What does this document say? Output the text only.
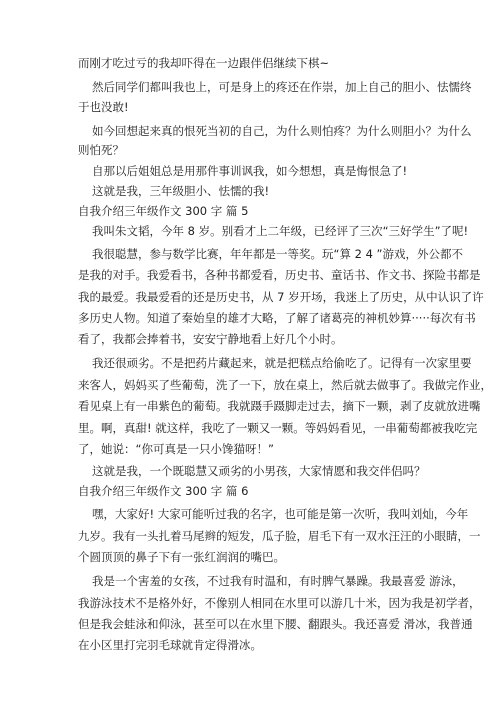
而刚才吃过亏的我却吓得在一边跟伴侣继续下棋~
然后同学们都叫我也上，可是身上的疼还在作崇，加上自己的胆小、怯懦终
于也没敢!
如今回想起来真的恨死当初的自己，为什么则怕疼？为什么则胆小？为什么
则怕死？
自那以后姐姐总是用那件事训讽我，如今想想，真是悔恨急了!
这就是我，三年级胆小、怯懦的我!
自我介绍三年级作文 300 字 篇 5
我叫朱文韬，今年 8 岁。别看才上二年级，已经评了三次“三好学生”了呢!
我很聪慧，参与数学比赛，年年都是一等奖。玩“算 2 4 ”游戏，外公都不
是我的对手。我爱看书，各种书都爱看，历史书、童话书、作文书、探险书都是
我的最爱。我最爱看的还是历史书，从 7 岁开场，我迷上了历史，从中认识了许
多历史人物。知道了秦始皇的雄才大略，了解了诸葛亮的神机妙算·····每次有书
看了，我都会捧着书，安安宁静地看上好几个小时。
我还很顽劣。不是把药片藏起来，就是把糕点给偷吃了。记得有一次家里要
来客人，妈妈买了些葡萄，洗了一下，放在桌上，然后就去做事了。我做完作业，
看见桌上有一串紫色的葡萄。我就蹑手蹑脚走过去，摘下一颗，剥了皮就放进嘴
里。啊，真甜! 就这样，我吃了一颗又一颗。等妈妈看见，一串葡萄都被我吃完
了，她说：“你可真是一只小馋猫呀！”
这就是我，一个既聪慧又顽劣的小男孩，大家情愿和我交伴侣吗？
自我介绍三年级作文 300 字 篇 6
嘿，大家好! 大家可能听过我的名字，也可能是第一次听，我叫刘灿，今年
九岁。我有一头扎着马尾辫的短发，瓜子脸，眉毛下有一双水汪汪的小眼睛，一
个圆顶顶的鼻子下有一张红润润的嘴巴。
我是一个害羞的女孩，不过我有时温和，有时脾气暴躁。我最喜爱 游泳，
我游泳技术不是格外好，不像别人相同在水里可以游几十米，因为我是初学者，
但是我会蛙泳和仰泳，甚至可以在水里下腰、翻跟头。我还喜爱 滑冰，我普通
在小区里打完羽毛球就肯定得滑冰。
